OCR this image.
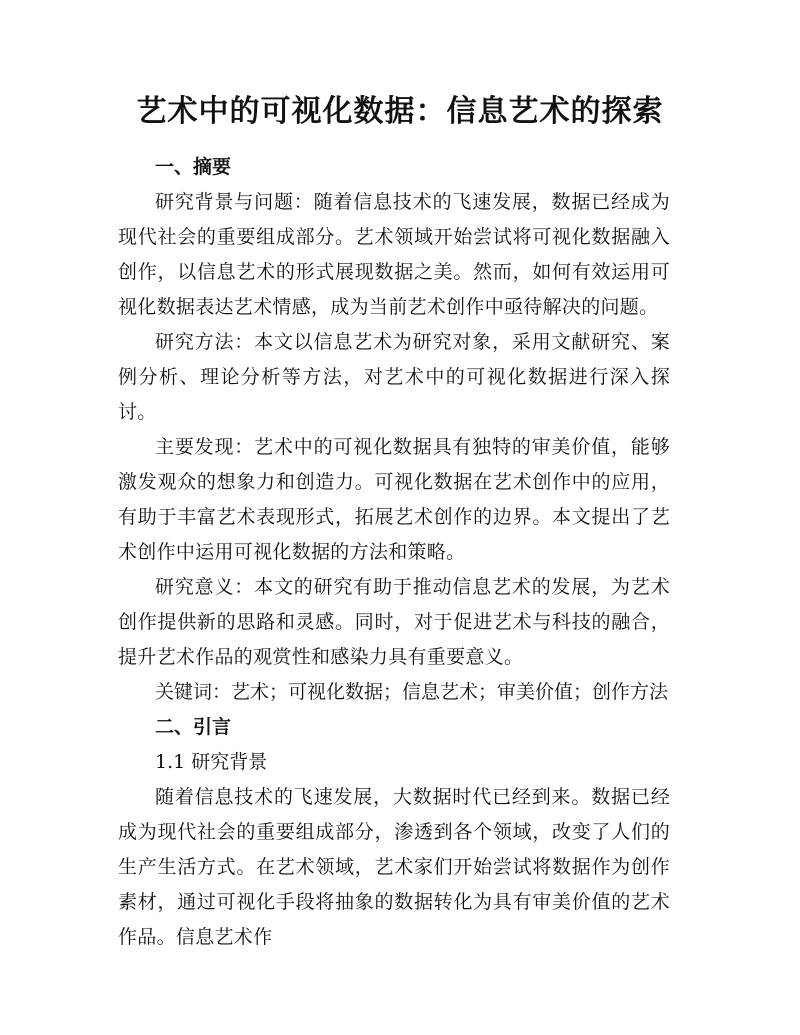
艺术中的可视化数据：信息艺术的探索
一、摘要

研究背景与问题：随着信息技术的飞速发展，数据已经成为现代社会的重要组成部分。艺术领域开始尝试将可视化数据融入创作，以信息艺术的形式展现数据之美。然而，如何有效运用可视化数据表达艺术情感，成为当前艺术创作中亟待解决的问题。

研究方法：本文以信息艺术为研究对象，采用文献研究、案例分析、理论分析等方法，对艺术中的可视化数据进行深入探讨。

主要发现：艺术中的可视化数据具有独特的审美价值，能够激发观众的想象力和创造力。可视化数据在艺术创作中的应用，有助于丰富艺术表现形式，拓展艺术创作的边界。本文提出了艺术创作中运用可视化数据的方法和策略。

研究意义：本文的研究有助于推动信息艺术的发展，为艺术创作提供新的思路和灵感。同时，对于促进艺术与科技的融合，提升艺术作品的观赏性和感染力具有重要意义。

关键词：艺术；可视化数据；信息艺术；审美价值；创作方法

二、引言

1.1 研究背景

随着信息技术的飞速发展，大数据时代已经到来。数据已经成为现代社会的重要组成部分，渗透到各个领域，改变了人们的生产生活方式。在艺术领域，艺术家们开始尝试将数据作为创作素材，通过可视化手段将抽象的数据转化为具有审美价值的艺术作品。信息艺术作
